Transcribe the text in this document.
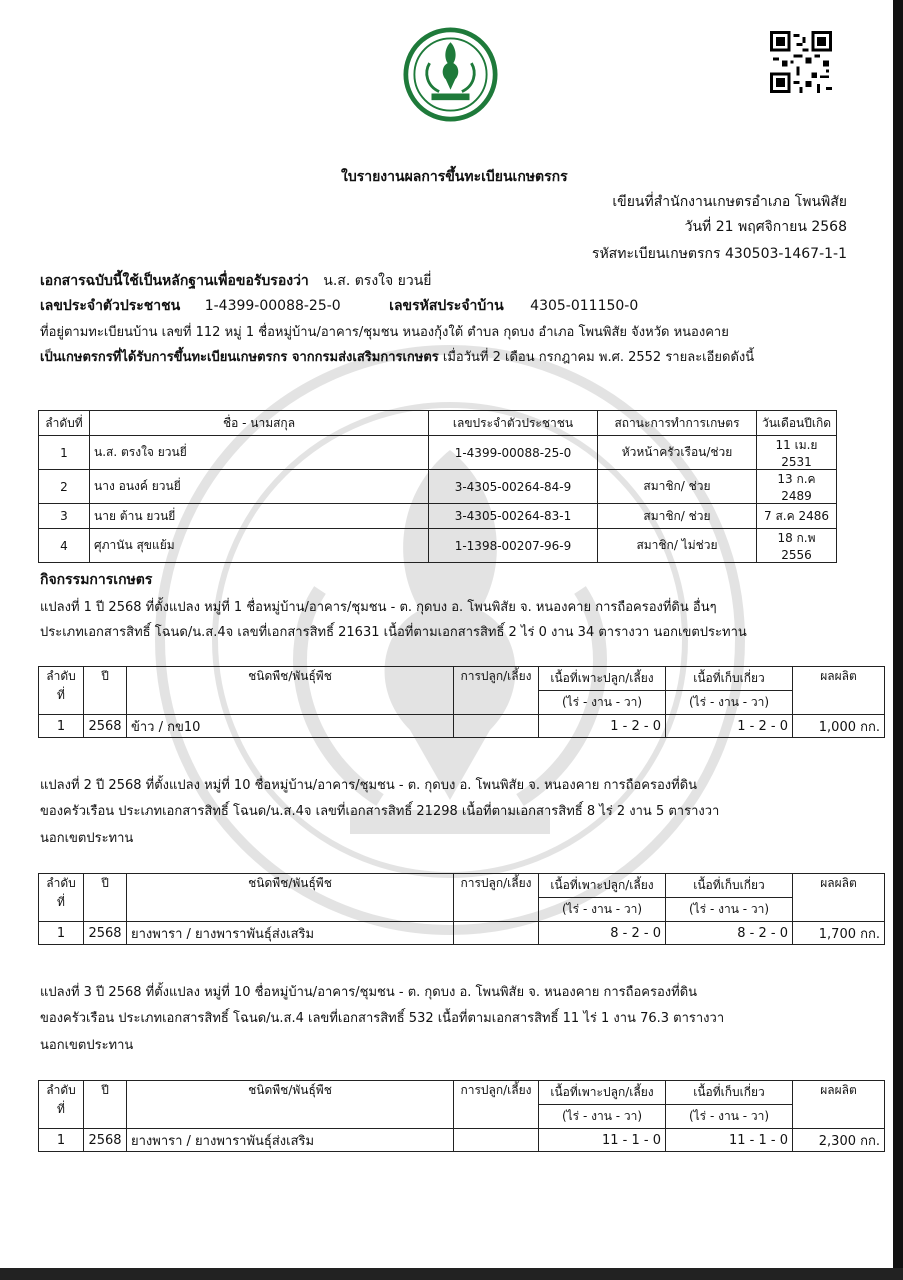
ใบรายงานผลการขึ้นทะเบียนเกษตรกร
เขียนที่สำนักงานเกษตรอำเภอ โพนพิสัย
วันที่ 21 พฤศจิกายน 2568
รหัสทะเบียนเกษตรกร 430503-1467-1-1
เอกสารฉบับนี้ใช้เป็นหลักฐานเพื่อขอรับรองว่า น.ส. ตรงใจ ยวนยี่
เลขประจำตัวประชาชน 1-4399-00088-25-0	เลขรหัสประจำบ้าน 4305-011150-0
ที่อยู่ตามทะเบียนบ้าน เลขที่ 112 หมู่ 1 ชื่อหมู่บ้าน/อาคาร/ชุมชน หนองกุ้งใต้ ตำบล กุดบง อำเภอ โพนพิสัย จังหวัด หนองคาย
เป็นเกษตรกรที่ได้รับการขึ้นทะเบียนเกษตรกร จากกรมส่งเสริมการเกษตร เมื่อวันที่ 2 เดือน กรกฎาคม พ.ศ. 2552 รายละเอียดดังนี้
ลำดับที่	ชื่อ - นามสกุล	เลขประจำตัวประชาชน	สถานะการทำการเกษตร	วันเดือนปีเกิด
1	น.ส. ตรงใจ ยวนยี่	1-4399-00088-25-0	หัวหน้าครัวเรือน/ช่วย	11 เม.ย 2531
2	นาง อนงค์ ยวนยี่	3-4305-00264-84-9	สมาชิก/ ช่วย	13 ก.ค 2489
3	นาย ต้าน ยวนยี่	3-4305-00264-83-1	สมาชิก/ ช่วย	7 ส.ค 2486
4	ศุภานัน สุขแย้ม	1-1398-00207-96-9	สมาชิก/ ไม่ช่วย	18 ก.พ 2556
กิจกรรมการเกษตร
แปลงที่ 1 ปี 2568 ที่ตั้งแปลง หมู่ที่ 1 ชื่อหมู่บ้าน/อาคาร/ชุมชน - ต. กุดบง อ. โพนพิสัย จ. หนองคาย การถือครองที่ดิน อื่นๆ
ประเภทเอกสารสิทธิ์ โฉนด/น.ส.4จ เลขที่เอกสารสิทธิ์ 21631 เนื้อที่ตามเอกสารสิทธิ์ 2 ไร่ 0 งาน 34 ตารางวา นอกเขตประทาน
ลำดับที่	ปี	ชนิดพืช/พันธุ์พืช	การปลูก/เลี้ยง	เนื้อที่เพาะปลูก/เลี้ยง	เนื้อที่เก็บเกี่ยว	ผลผลิต
				(ไร่ - งาน - วา)	(ไร่ - งาน - วา)	
1	2568	ข้าว / กข10		1 - 2 - 0	1 - 2 - 0	1,000 กก.
แปลงที่ 2 ปี 2568 ที่ตั้งแปลง หมู่ที่ 10 ชื่อหมู่บ้าน/อาคาร/ชุมชน - ต. กุดบง อ. โพนพิสัย จ. หนองคาย การถือครองที่ดิน
ของครัวเรือน ประเภทเอกสารสิทธิ์ โฉนด/น.ส.4จ เลขที่เอกสารสิทธิ์ 21298 เนื้อที่ตามเอกสารสิทธิ์ 8 ไร่ 2 งาน 5 ตารางวา
นอกเขตประทาน
ลำดับที่	ปี	ชนิดพืช/พันธุ์พืช	การปลูก/เลี้ยง	เนื้อที่เพาะปลูก/เลี้ยง	เนื้อที่เก็บเกี่ยว	ผลผลิต
				(ไร่ - งาน - วา)	(ไร่ - งาน - วา)	
1	2568	ยางพารา / ยางพาราพันธุ์ส่งเสริม		8 - 2 - 0	8 - 2 - 0	1,700 กก.
แปลงที่ 3 ปี 2568 ที่ตั้งแปลง หมู่ที่ 10 ชื่อหมู่บ้าน/อาคาร/ชุมชน - ต. กุดบง อ. โพนพิสัย จ. หนองคาย การถือครองที่ดิน
ของครัวเรือน ประเภทเอกสารสิทธิ์ โฉนด/น.ส.4 เลขที่เอกสารสิทธิ์ 532 เนื้อที่ตามเอกสารสิทธิ์ 11 ไร่ 1 งาน 76.3 ตารางวา
นอกเขตประทาน
ลำดับที่	ปี	ชนิดพืช/พันธุ์พืช	การปลูก/เลี้ยง	เนื้อที่เพาะปลูก/เลี้ยง	เนื้อที่เก็บเกี่ยว	ผลผลิต
				(ไร่ - งาน - วา)	(ไร่ - งาน - วา)	
1	2568	ยางพารา / ยางพาราพันธุ์ส่งเสริม		11 - 1 - 0	11 - 1 - 0	2,300 กก.
